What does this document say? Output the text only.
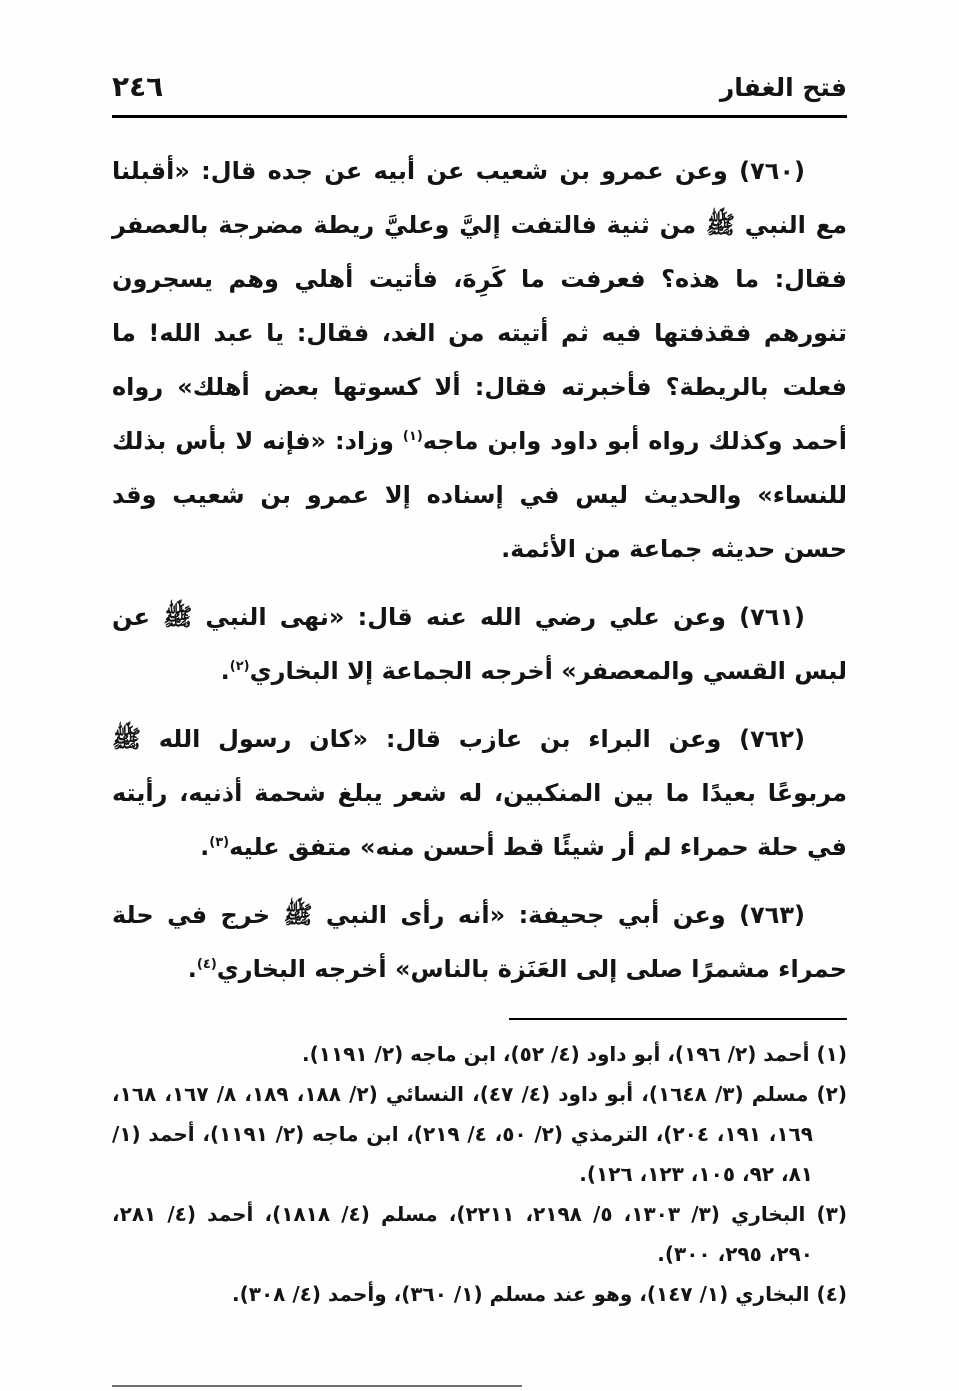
فتح الغفار
٢٤٦

(٧٦٠) وعن عمرو بن شعيب عن أبيه عن جده قال: «أقبلنا مع النبي ﷺ من ثنية فالتفت إليَّ وعليَّ ريطة مضرجة بالعصفر فقال: ما هذه؟ فعرفت ما كَرِهَ، فأتيت أهلي وهم يسجرون تنورهم فقذفتها فيه ثم أتيته من الغد، فقال: يا عبد الله! ما فعلت بالريطة؟ فأخبرته فقال: ألا كسوتها بعض أهلك» رواه أحمد وكذلك رواه أبو داود وابن ماجه$^{(١)}$ وزاد: «فإنه لا بأس بذلك للنساء» والحديث ليس في إسناده إلا عمرو بن شعيب وقد حسن حديثه جماعة من الأئمة.

(٧٦١) وعن علي رضي الله عنه قال: «نهى النبي ﷺ عن لبس القسي والمعصفر» أخرجه الجماعة إلا البخاري$^{(٢)}$.

(٧٦٢) وعن البراء بن عازب قال: «كان رسول الله ﷺ مربوعًا بعيدًا ما بين المنكبين، له شعر يبلغ شحمة أذنيه، رأيته في حلة حمراء لم أر شيئًا قط أحسن منه» متفق عليه$^{(٣)}$.

(٧٦٣) وعن أبي جحيفة: «أنه رأى النبي ﷺ خرج في حلة حمراء مشمرًا صلى إلى العَنَزة بالناس» أخرجه البخاري$^{(٤)}$.

(١) أحمد (٢/ ١٩٦)، أبو داود (٤/ ٥٢)، ابن ماجه (٢/ ١١٩١).

(٢) مسلم (٣/ ١٦٤٨)، أبو داود (٤/ ٤٧)، النسائي (٢/ ١٨٨، ١٨٩، ٨/ ١٦٧، ١٦٨، ١٦٩، ١٩١، ٢٠٤)، الترمذي (٢/ ٥٠، ٤/ ٢١٩)، ابن ماجه (٢/ ١١٩١)، أحمد (١/ ٨١، ٩٢، ١٠٥، ١٢٣، ١٢٦).

(٣) البخاري (٣/ ١٣٠٣، ٥/ ٢١٩٨، ٢٢١١)، مسلم (٤/ ١٨١٨)، أحمد (٤/ ٢٨١، ٢٩٠، ٢٩٥، ٣٠٠).

(٤) البخاري (١/ ١٤٧)، وهو عند مسلم (١/ ٣٦٠)، وأحمد (٤/ ٣٠٨).
